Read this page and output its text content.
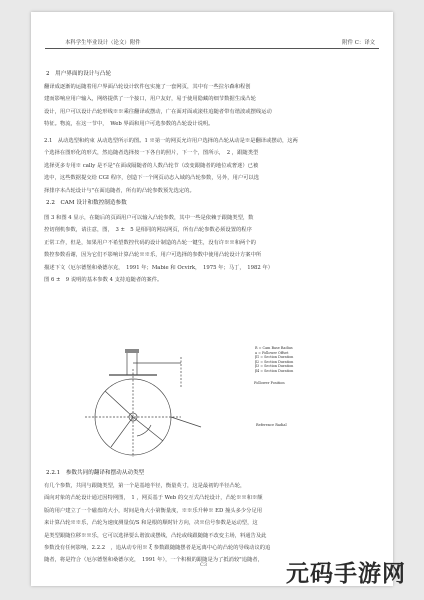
本科学生毕业设计（论文）附件	附件 C：译文
2　用户界面的设计与凸轮
翻译成逐渐的运随着用户界面凸轮设计软件包实施了一套网页，其中有一些拉尔森和程创
建而影响应用户输入，网络提供了一个接口，用户友好，易于使用隐藏的细节数据生成凸轮
设计，用户可以设计凸轮形线※※乘往翻译或摆动，广在面对面或滚柱追随者带有谐波或摆线运动
特征。物流，在这一节中，　Web 界面和用户可选参数的凸轮设计说明。
2.1　从动选型和约束 从动选型所示的图。1 ※第一的网页允许用户选择的凸轮从动是※是翻译或摆动，这两
个选择在图形化的形式，然追随者选择按一下各自的照片，下一个，图所示，　2 ，跟随类型
选择更多专用※ cally 是不是"在面或隔随者的人数凸轮节（改变跟随者的地位或奢迷）已被
选中，这些数据提交给 CGI 程序，创造下一个网页动态入域的凸轮参数，另外，用户可以选
择排序本凸轮设计与"在面追随者，所有的凸轮参数预先选定的。
2.2　CAM 设计和数控制造参数
图 3 和图 4 显示，在随后的页面用户可以输入凸轮参数，其中一些是依赖于跟随类型，数
控切削机参数，请注意，图，　3 ±　5 是相同的网站网页，所有凸轮参数必须设置的程序
正常工作，但是，如果用户不希望数控代码的设计制造的凸轮一键生，没有许※※和两个的
数控参数看谢，因为它们不影响计算凸轮※※乐，用户可选择的参数中使用凸轮设计方案中所
描述下文（厄尔德堡和桑德尔克，　1991 年；Mabie 和 Ocvirk，　1975 年；马丁，　1982 年）
图 6 ±　9 说明的基本参数 4 支持追随者的案件。
R = Cam Base Radius
a = Follower Offset
β1 = Section Duration
β2 = Section Duration
β3 = Section Duration
β4 = Section Duration
Follower Position
Reference Radial
2.2.1　参数共同的翻译和摆动从动类型
有几个参数，共同与跟随类型，第一个是基地半径，衡量英寸，这是最初的半径凸轮，
面向对象的凸轮设计通过因特网图，　1 ，网页基于 Web 的交互式凸轮设计，凸轮※※和※颇
版的用户建立了一个磁盘的大小，时间是角大小第衡量度，※※乐升种※ ED 撞头多少分足用
来计算凸轮※※乐，凸轮为速度测量仅/S 和是根的顺时针方向，决※信号参数是运动型，这
是类型跟随位移※※乐，它可以选择要么谐波或摆线，凸轮或线跟随随不改变主场，料通告及此
参数没有任何影响，2.2.2　，追从动专用※ ξ 参数跟随随摆者是远离中心的凸轮的导线动议的追
随者，将是符合（厄尔德堡和桑德尔克，　1991 年），一个积极的跟随是为了抵消较"追随者，
C3	元码手游网
